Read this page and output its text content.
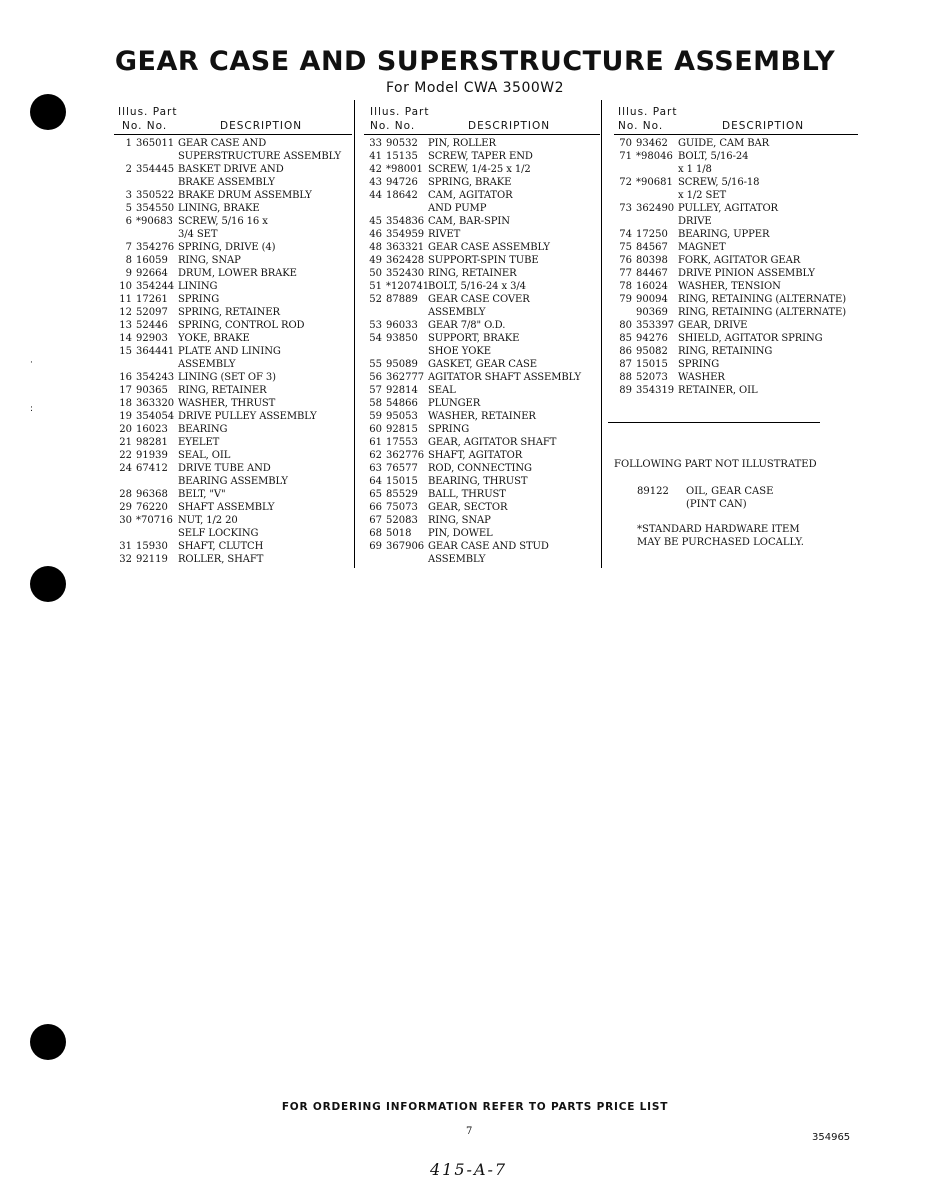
GEAR CASE AND SUPERSTRUCTURE ASSEMBLY
For Model CWA 3500W2
Illus. Part
No. No.	DESCRIPTION
1 365011 GEAR CASE AND
SUPERSTRUCTURE ASSEMBLY
2 354445 BASKET DRIVE AND
BRAKE ASSEMBLY
3 350522 BRAKE DRUM ASSEMBLY
5 354550 LINING, BRAKE
6 *90683 SCREW, 5/16 16 x
3/4 SET
7 354276 SPRING, DRIVE (4)
8 16059	RING, SNAP
9 92664	DRUM, LOWER BRAKE
10 354244 LINING
11 17261	SPRING
12 52097	SPRING, RETAINER
13 52446	SPRING, CONTROL ROD
14 92903	YOKE, BRAKE
15 364441 PLATE AND LINING
ASSEMBLY
16 354243 LINING (SET OF 3)
17 90365	RING, RETAINER
18 363320 WASHER, THRUST
19 354054 DRIVE PULLEY ASSEMBLY
20 16023	BEARING
21 98281	EYELET
22 91939	SEAL, OIL
24 67412	DRIVE TUBE AND
BEARING ASSEMBLY
28 96368	BELT, "V"
29 76220	SHAFT ASSEMBLY
30 *70716 NUT, 1/2 20
SELF LOCKING
31 15930	SHAFT, CLUTCH
32 92119	ROLLER, SHAFT
Illus. Part
No. No.	DESCRIPTION
33 90532	PIN, ROLLER
41 15135	SCREW, TAPER END
42 *98001 SCREW, 1/4-25 x 1/2
43 94726	SPRING, BRAKE
44 18642	CAM, AGITATOR
AND PUMP
45 354836 CAM, BAR-SPIN
46 354959 RIVET
48 363321 GEAR CASE ASSEMBLY
49 362428 SUPPORT-SPIN TUBE
50 352430 RING, RETAINER
51 *120741
BOLT, 5/16-24 x 3/4
52 87889	GEAR CASE COVER
ASSEMBLY
53 96033	GEAR 7/8" O.D.
54 93850	SUPPORT, BRAKE
SHOE YOKE
55 95089	GASKET, GEAR CASE
56 362777 AGITATOR SHAFT ASSEMBLY
57 92814	SEAL
58 54866	PLUNGER
59 95053	WASHER, RETAINER
60 92815	SPRING
61 17553	GEAR, AGITATOR SHAFT
62 362776 SHAFT, AGITATOR
63 76577	ROD, CONNECTING
64 15015	BEARING, THRUST
65 85529	BALL, THRUST
66 75073	GEAR, SECTOR
67 52083	RING, SNAP
68 5018	PIN, DOWEL
69 367906 GEAR CASE AND STUD
ASSEMBLY
Illus. Part
No. No.	DESCRIPTION
70 93462	GUIDE, CAM BAR
71 *98046 BOLT, 5/16-24
x 1 1/8
72 *90681 SCREW, 5/16-18
x 1/2 SET
73 362490 PULLEY, AGITATOR
DRIVE
74 17250	BEARING, UPPER
75 84567	MAGNET
76 80398	FORK, AGITATOR GEAR
77 84467	DRIVE PINION ASSEMBLY
78 16024	WASHER, TENSION
79 90094	RING, RETAINING (ALTERNATE)
90369	RING, RETAINING (ALTERNATE)
80 353397 GEAR, DRIVE
85 94276	SHIELD, AGITATOR SPRING
86 95082	RING, RETAINING
87 15015	SPRING
88 52073	WASHER
89 354319 RETAINER, OIL
FOLLOWING PART NOT ILLUSTRATED
89122 OIL, GEAR CASE
(PINT CAN)
*STANDARD HARDWARE ITEM
MAY BE PURCHASED LOCALLY.
·
:
FOR ORDERING INFORMATION REFER TO PARTS PRICE LIST
7
354965
415-A-7
